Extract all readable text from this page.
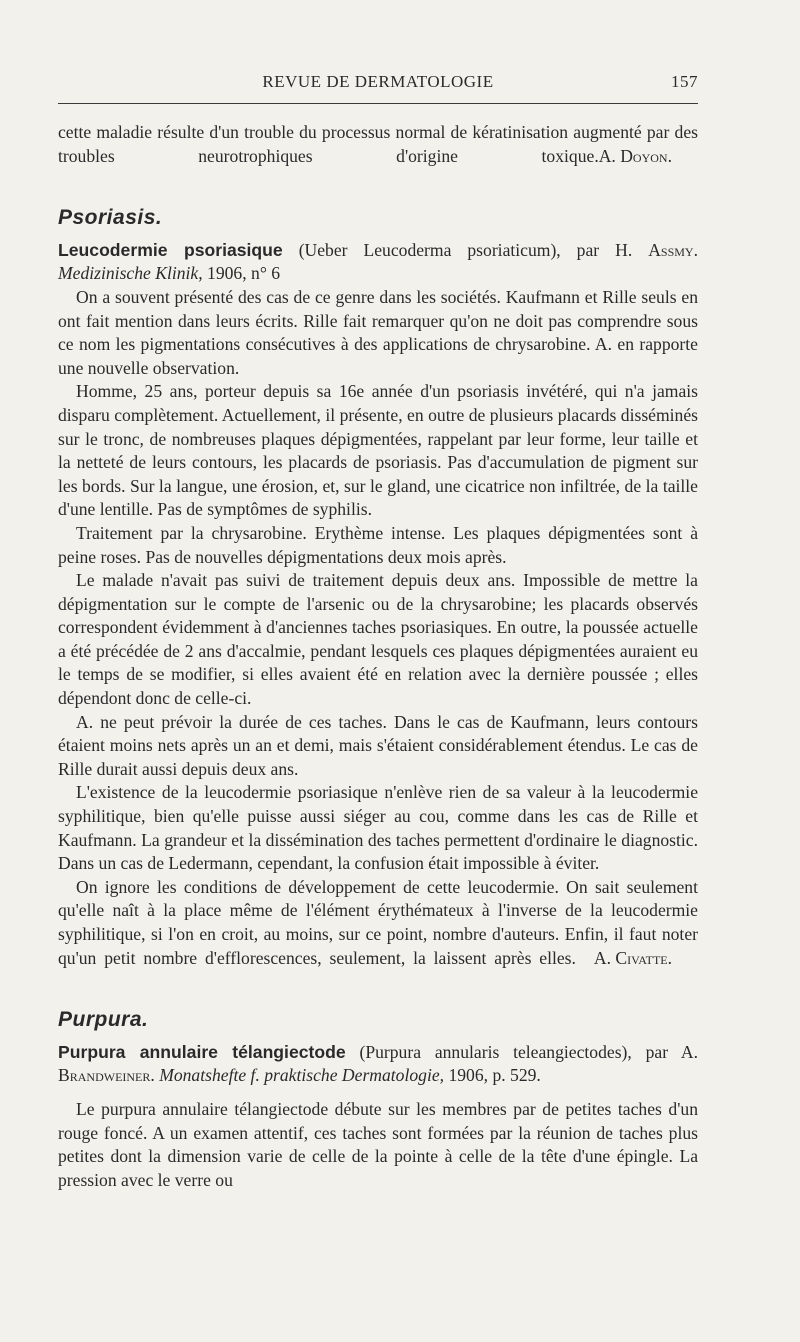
REVUE DE DERMATOLOGIE	157

cette maladie résulte d'un trouble du processus normal de kératinisation augmenté par des troubles neurotrophiques d'origine toxique. A. Doyon.

Psoriasis.

Leucodermie psoriasique (Ueber Leucoderma psoriaticum), par H. Assmy. Medizinische Klinik, 1906, n° 6

On a souvent présenté des cas de ce genre dans les sociétés. Kaufmann et Rille seuls en ont fait mention dans leurs écrits. Rille fait remarquer qu'on ne doit pas comprendre sous ce nom les pigmentations consécutives à des applications de chrysarobine. A. en rapporte une nouvelle observation.

Homme, 25 ans, porteur depuis sa 16e année d'un psoriasis invétéré, qui n'a jamais disparu complètement. Actuellement, il présente, en outre de plusieurs placards disséminés sur le tronc, de nombreuses plaques dépigmentées, rappelant par leur forme, leur taille et la netteté de leurs contours, les placards de psoriasis. Pas d'accumulation de pigment sur les bords. Sur la langue, une érosion, et, sur le gland, une cicatrice non infiltrée, de la taille d'une lentille. Pas de symptômes de syphilis.

Traitement par la chrysarobine. Erythème intense. Les plaques dépigmentées sont à peine roses. Pas de nouvelles dépigmentations deux mois après.

Le malade n'avait pas suivi de traitement depuis deux ans. Impossible de mettre la dépigmentation sur le compte de l'arsenic ou de la chrysarobine; les placards observés correspondent évidemment à d'anciennes taches psoriasiques. En outre, la poussée actuelle a été précédée de 2 ans d'accalmie, pendant lesquels ces plaques dépigmentées auraient eu le temps de se modifier, si elles avaient été en relation avec la dernière poussée ; elles dépendont donc de celle-ci.

A. ne peut prévoir la durée de ces taches. Dans le cas de Kaufmann, leurs contours étaient moins nets après un an et demi, mais s'étaient considérablement étendus. Le cas de Rille durait aussi depuis deux ans.

L'existence de la leucodermie psoriasique n'enlève rien de sa valeur à la leucodermie syphilitique, bien qu'elle puisse aussi siéger au cou, comme dans les cas de Rille et Kaufmann. La grandeur et la dissémination des taches permettent d'ordinaire le diagnostic. Dans un cas de Ledermann, cependant, la confusion était impossible à éviter.

On ignore les conditions de développement de cette leucodermie. On sait seulement qu'elle naît à la place même de l'élément érythémateux à l'inverse de la leucodermie syphilitique, si l'on en croit, au moins, sur ce point, nombre d'auteurs. Enfin, il faut noter qu'un petit nombre d'efflorescences, seulement, la laissent après elles.	A. Civatte.

Purpura.

Purpura annulaire télangiectode (Purpura annularis teleangiectodes), par A. Brandweiner. Monatshefte f. praktische Dermatologie, 1906, p. 529.

Le purpura annulaire télangiectode débute sur les membres par de petites taches d'un rouge foncé. A un examen attentif, ces taches sont formées par la réunion de taches plus petites dont la dimension varie de celle de la pointe à celle de la tête d'une épingle. La pression avec le verre ou
